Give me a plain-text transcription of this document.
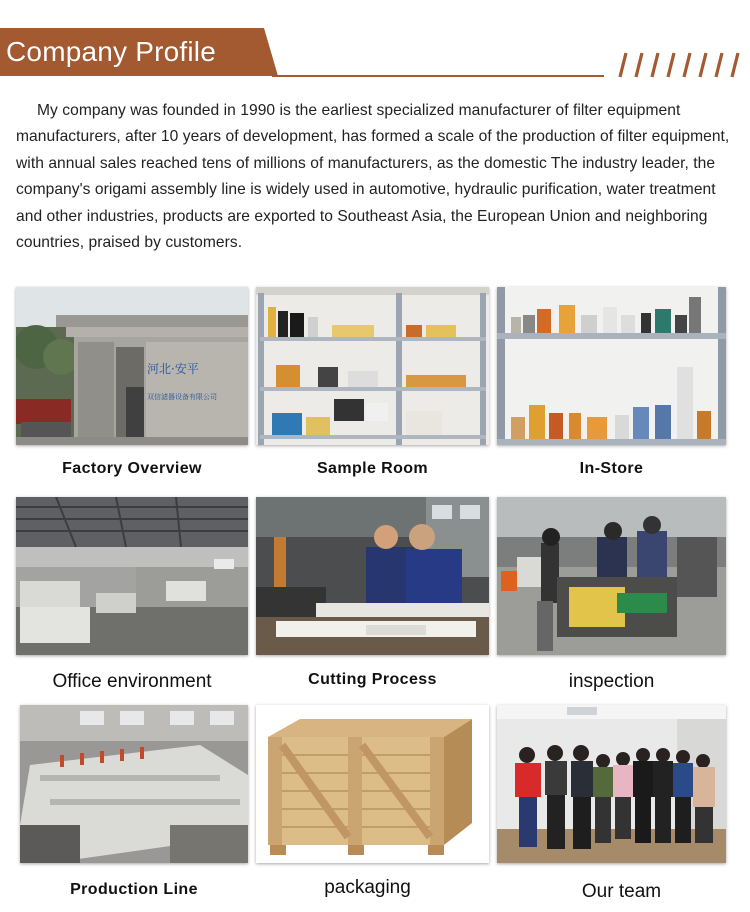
Company Profile

My company was founded in 1990 is the earliest specialized manufacturer of filter equipment manufacturers, after 10 years of development, has formed a scale of the production of filter equipment, with annual sales reached tens of millions of manufacturers, as the domestic The industry leader, the company's origami assembly line is widely used in automotive, hydraulic purification, water treatment and other industries, products are exported to Southeast Asia, the European Union and neighboring countries, praised by customers.

河北·安平
双信滤器设备有限公司
Factory Overview	Sample Room	In-Store
Office environment	Cutting Process	inspection
Production Line	packaging	Our team
